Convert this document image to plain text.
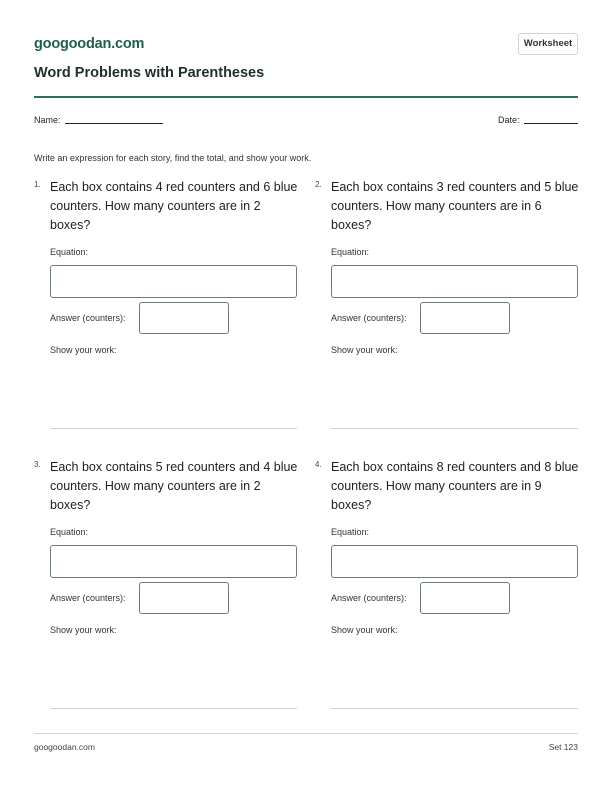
googoodan.com	Worksheet
Word Problems with Parentheses
Name:	Date:
Write an expression for each story, find the total, and show your work.
1. Each box contains 4 red counters and 6 blue counters. How many counters are in 2 boxes?
Equation:
Answer (counters):
Show your work:
2. Each box contains 3 red counters and 5 blue counters. How many counters are in 6 boxes?
Equation:
Answer (counters):
Show your work:
3. Each box contains 5 red counters and 4 blue counters. How many counters are in 2 boxes?
Equation:
Answer (counters):
Show your work:
4. Each box contains 8 red counters and 8 blue counters. How many counters are in 9 boxes?
Equation:
Answer (counters):
Show your work:
googoodan.com	Set 123
